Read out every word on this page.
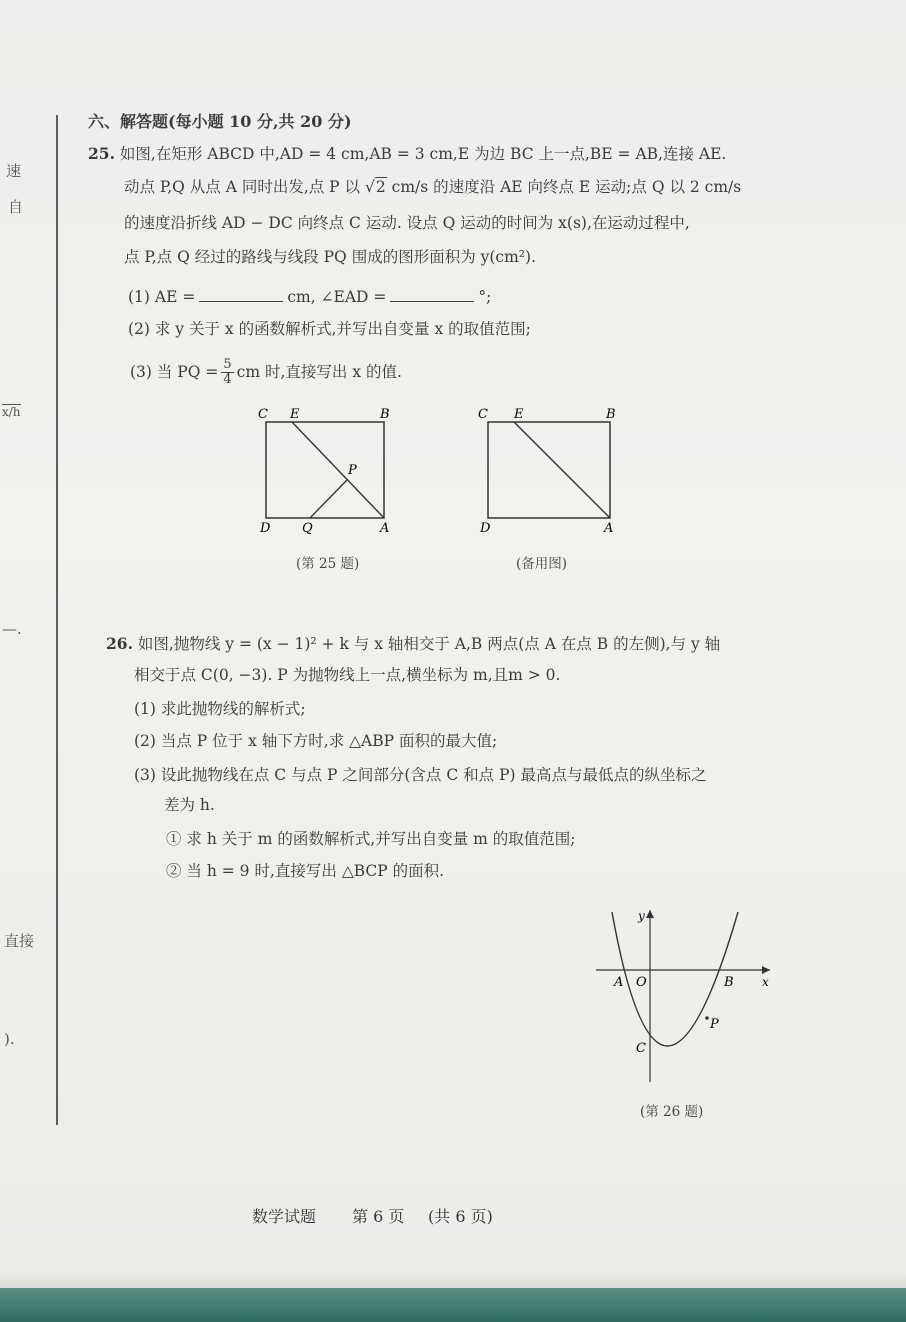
速
自
x/h
—.
直接
).
六、解答题(每小题 10 分,共 20 分)
25. 如图,在矩形 ABCD 中,AD = 4 cm,AB = 3 cm,E 为边 BC 上一点,BE = AB,连接 AE.
动点 P,Q 从点 A 同时出发,点 P 以 √2 cm/s 的速度沿 AE 向终点 E 运动;点 Q 以 2 cm/s
的速度沿折线 AD − DC 向终点 C 运动. 设点 Q 运动的时间为 x(s),在运动过程中,
点 P,点 Q 经过的路线与线段 PQ 围成的图形面积为 y(cm²).
(1) AE =	cm, ∠EAD =	°;
(2) 求 y 关于 x 的函数解析式,并写出自变量 x 的取值范围;
(3) 当 PQ = $\frac{5}{4}$ cm 时,直接写出 x 的值.
C E	B
P
D Q	A
C E	B
D	A
(第 25 题)	(备用图)
26. 如图,抛物线 y = (x − 1)² + k 与 x 轴相交于 A,B 两点(点 A 在点 B 的左侧),与 y 轴
相交于点 C(0, −3). P 为抛物线上一点,横坐标为 m,且m > 0.
(1) 求此抛物线的解析式;
(2) 当点 P 位于 x 轴下方时,求 △ABP 面积的最大值;
(3) 设此抛物线在点 C 与点 P 之间部分(含点 C 和点 P) 最高点与最低点的纵坐标之
差为 h.
① 求 h 关于 m 的函数解析式,并写出自变量 m 的取值范围;
② 当 h = 9 时,直接写出 △BCP 的面积.
y
x
A O	B
C
P
(第 26 题)
数学试题 第 6 页 (共 6 页)
